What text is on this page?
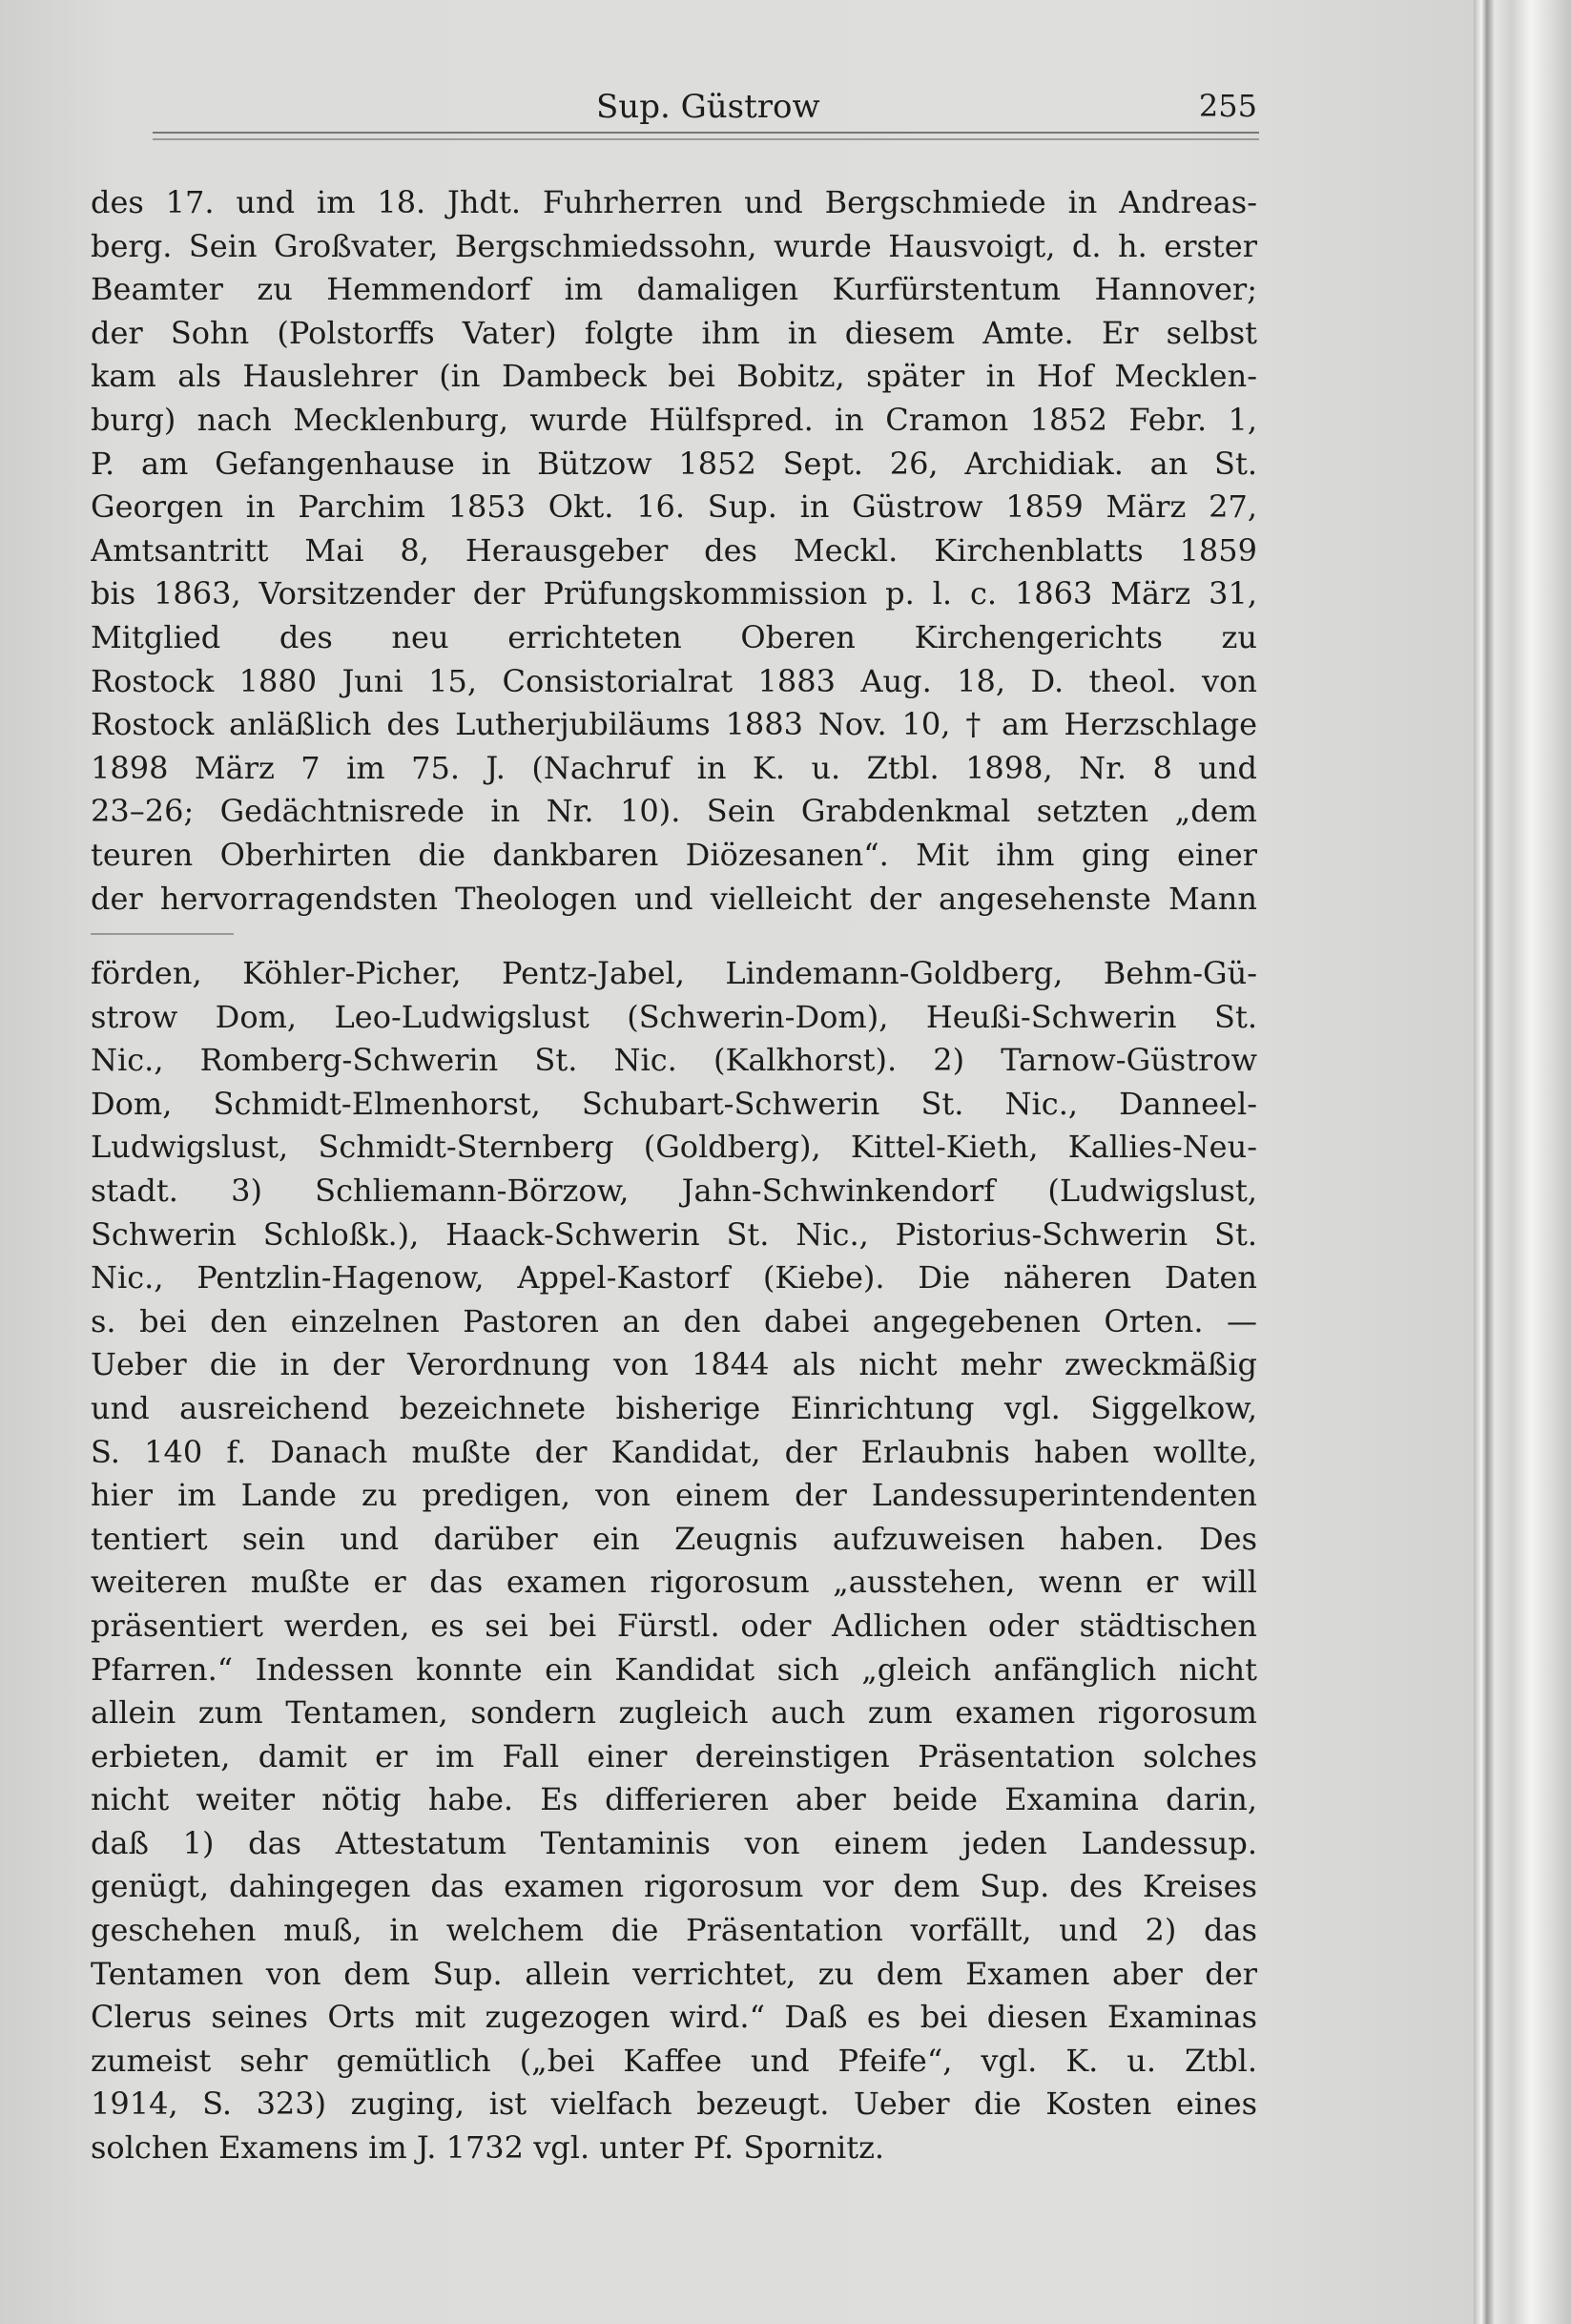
Sup. Güstrow	255
des 17. und im 18. Jhdt. Fuhrherren und Bergschmiede in Andreas-
berg. Sein Großvater, Bergschmiedssohn, wurde Hausvoigt, d. h. erster
Beamter zu Hemmendorf im damaligen Kurfürstentum Hannover;
der Sohn (Polstorffs Vater) folgte ihm in diesem Amte. Er selbst
kam als Hauslehrer (in Dambeck bei Bobitz, später in Hof Mecklen-
burg) nach Mecklenburg, wurde Hülfspred. in Cramon 1852 Febr. 1,
P. am Gefangenhause in Bützow 1852 Sept. 26, Archidiak. an St.
Georgen in Parchim 1853 Okt. 16. Sup. in Güstrow 1859 März 27,
Amtsantritt Mai 8, Herausgeber des Meckl. Kirchenblatts 1859
bis 1863, Vorsitzender der Prüfungskommission p. l. c. 1863 März 31,
Mitglied des neu errichteten Oberen Kirchengerichts zu
Rostock 1880 Juni 15, Consistorialrat 1883 Aug. 18, D. theol. von
Rostock anläßlich des Lutherjubiläums 1883 Nov. 10, † am Herzschlage
1898 März 7 im 75. J. (Nachruf in K. u. Ztbl. 1898, Nr. 8 und
23–26; Gedächtnisrede in Nr. 10). Sein Grabdenkmal setzten „dem
teuren Oberhirten die dankbaren Diözesanen“. Mit ihm ging einer
der hervorragendsten Theologen und vielleicht der angesehenste Mann
förden, Köhler-Picher, Pentz-Jabel, Lindemann-Goldberg, Behm-Gü-
strow Dom, Leo-Ludwigslust (Schwerin-Dom), Heußi-Schwerin St.
Nic., Romberg-Schwerin St. Nic. (Kalkhorst). 2) Tarnow-Güstrow
Dom, Schmidt-Elmenhorst, Schubart-Schwerin St. Nic., Danneel-
Ludwigslust, Schmidt-Sternberg (Goldberg), Kittel-Kieth, Kallies-Neu-
stadt. 3) Schliemann-Börzow, Jahn-Schwinkendorf (Ludwigslust,
Schwerin Schloßk.), Haack-Schwerin St. Nic., Pistorius-Schwerin St.
Nic., Pentzlin-Hagenow, Appel-Kastorf (Kiebe). Die näheren Daten
s. bei den einzelnen Pastoren an den dabei angegebenen Orten. —
Ueber die in der Verordnung von 1844 als nicht mehr zweckmäßig
und ausreichend bezeichnete bisherige Einrichtung vgl. Siggelkow,
S. 140 f. Danach mußte der Kandidat, der Erlaubnis haben wollte,
hier im Lande zu predigen, von einem der Landessuperintendenten
tentiert sein und darüber ein Zeugnis aufzuweisen haben. Des
weiteren mußte er das examen rigorosum „ausstehen, wenn er will
präsentiert werden, es sei bei Fürstl. oder Adlichen oder städtischen
Pfarren.“ Indessen konnte ein Kandidat sich „gleich anfänglich nicht
allein zum Tentamen, sondern zugleich auch zum examen rigorosum
erbieten, damit er im Fall einer dereinstigen Präsentation solches
nicht weiter nötig habe. Es differieren aber beide Examina darin,
daß 1) das Attestatum Tentaminis von einem jeden Landessup.
genügt, dahingegen das examen rigorosum vor dem Sup. des Kreises
geschehen muß, in welchem die Präsentation vorfällt, und 2) das
Tentamen von dem Sup. allein verrichtet, zu dem Examen aber der
Clerus seines Orts mit zugezogen wird.“ Daß es bei diesen Examinas
zumeist sehr gemütlich („bei Kaffee und Pfeife“, vgl. K. u. Ztbl.
1914, S. 323) zuging, ist vielfach bezeugt. Ueber die Kosten eines
solchen Examens im J. 1732 vgl. unter Pf. Spornitz.
